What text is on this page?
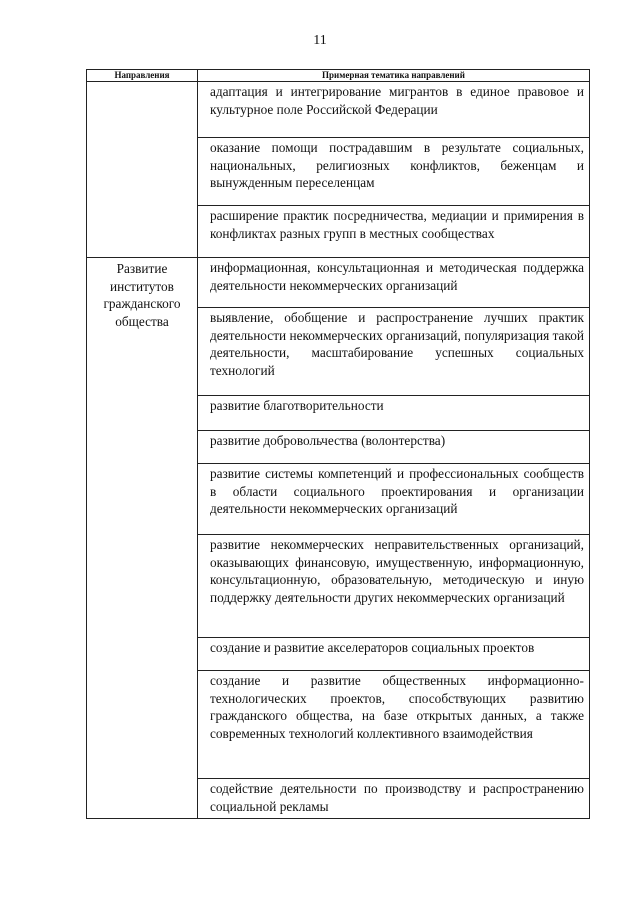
11
Направления	Примерная тематика направлений

	адаптация и интегрирование мигрантов в единое правовое и культурное поле Российской Федерации

	оказание помощи пострадавшим в результате социальных, национальных, религиозных конфликтов, беженцам и вынужденным переселенцам

	расширение практик посредничества, медиации и примирения в конфликтах разных групп в местных сообществах

Развитие институтов гражданского общества	информационная, консультационная и методическая поддержка деятельности некоммерческих организаций

	выявление, обобщение и распространение лучших практик деятельности некоммерческих организаций, популяризация такой деятельности, масштабирование успешных социальных технологий

	развитие благотворительности

	развитие добровольчества (волонтерства)

	развитие системы компетенций и профессиональных сообществ в области социального проектирования и организации деятельности некоммерческих организаций

	развитие некоммерческих неправительственных организаций, оказывающих финансовую, имущественную, информационную, консультационную, образовательную, методическую и иную поддержку деятельности других некоммерческих организаций

	создание и развитие акселераторов социальных проектов

	создание и развитие общественных информационно-технологических проектов, способствующих развитию гражданского общества, на базе открытых данных, а также современных технологий коллективного взаимодействия

	содействие деятельности по производству и распространению социальной рекламы
